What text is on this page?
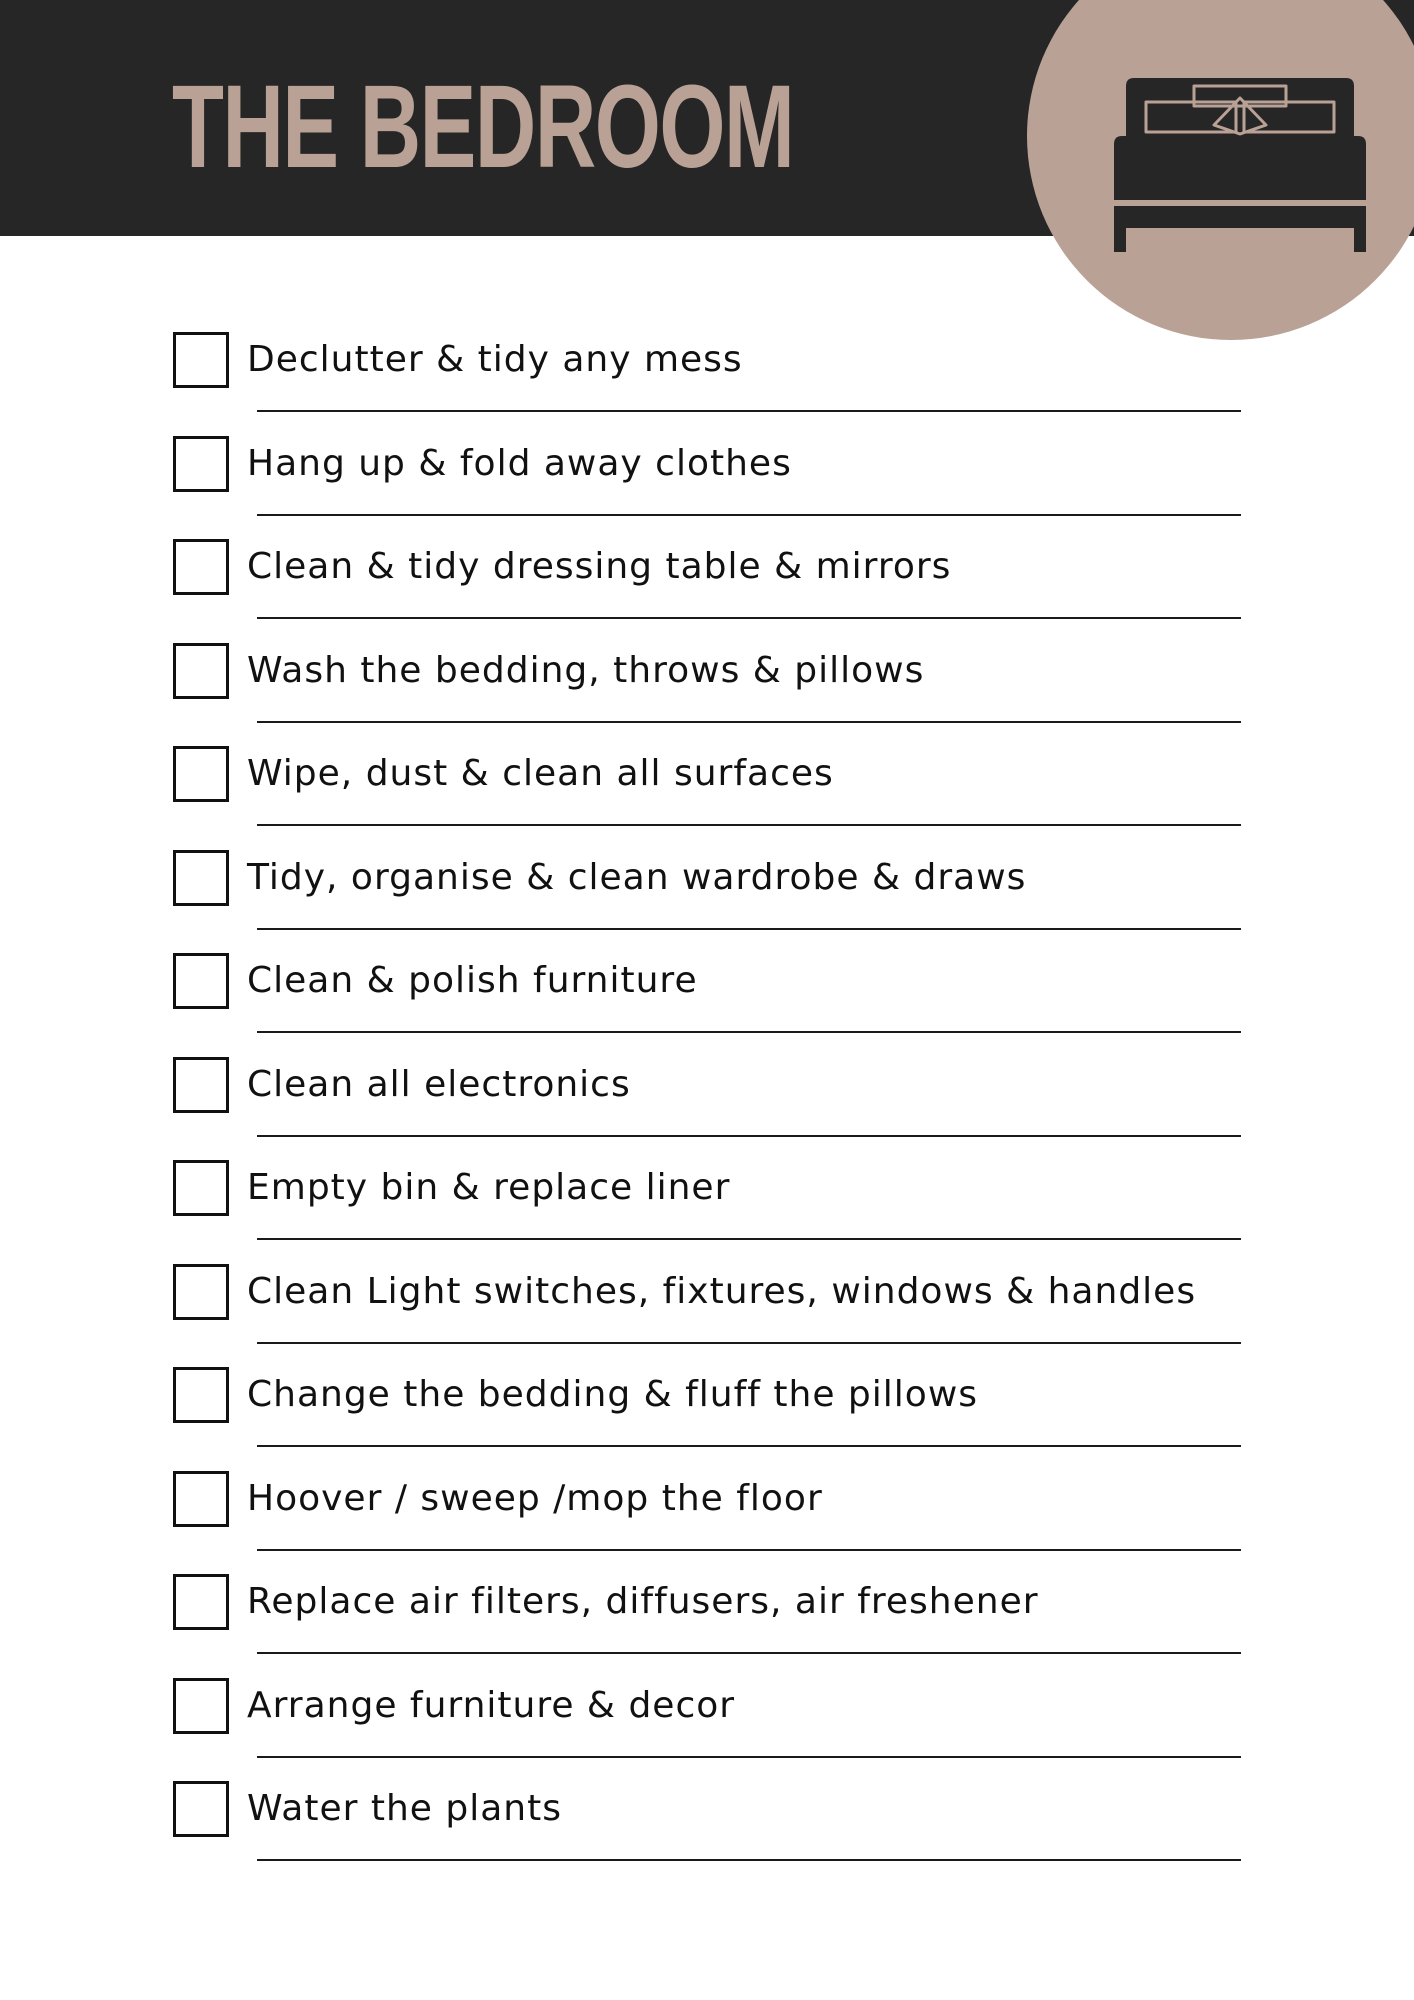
THE BEDROOM
Declutter & tidy any mess
Hang up & fold away clothes
Clean & tidy dressing table & mirrors
Wash the bedding, throws & pillows
Wipe, dust & clean all surfaces
Tidy, organise & clean wardrobe & draws
Clean & polish furniture
Clean all electronics
Empty bin & replace liner
Clean Light switches, fixtures, windows & handles
Change the bedding & fluff the pillows
Hoover / sweep /mop the floor
Replace air filters, diffusers, air freshener
Arrange furniture & decor
Water the plants
